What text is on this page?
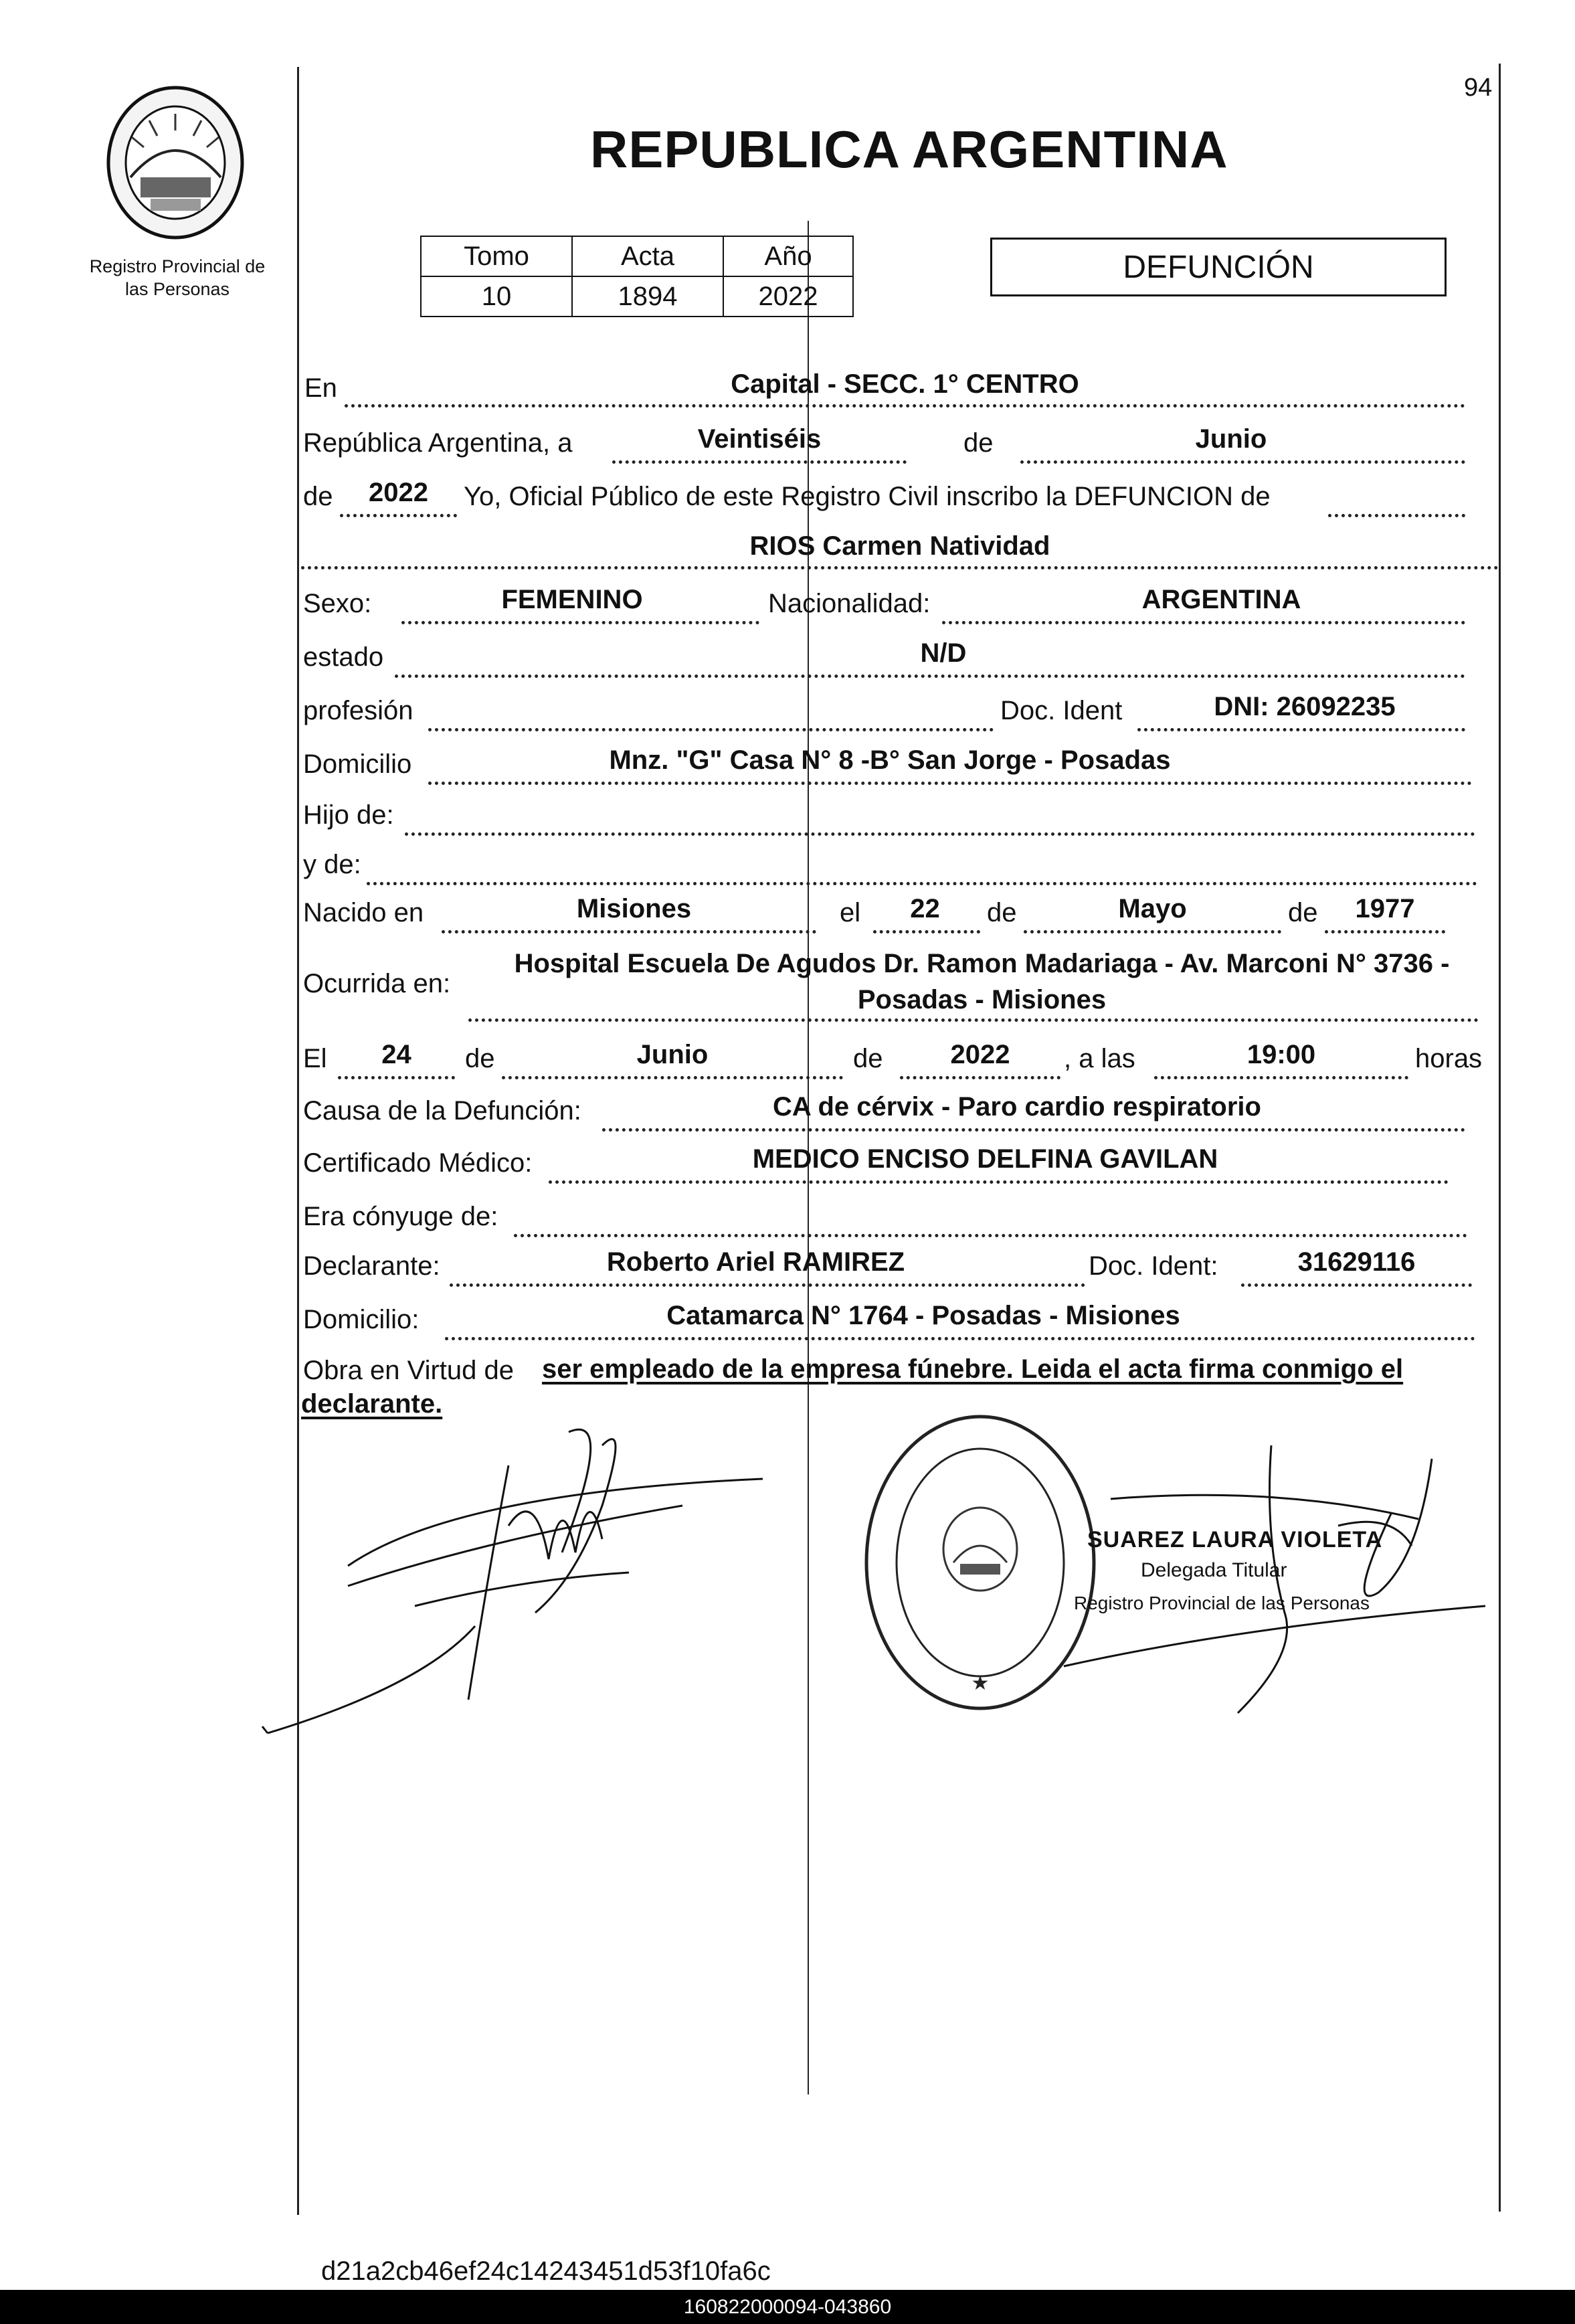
94
Registro Provincial de
las Personas
REPUBLICA ARGENTINA
Tomo	Acta	Año
10	1894	2022
DEFUNCIÓN
En	Capital - SECC. 1° CENTRO
República Argentina, a	Veintiséis	de	Junio
de	2022	Yo, Oficial Público de este Registro Civil inscribo la DEFUNCION de
RIOS Carmen Natividad
Sexo:	FEMENINO	Nacionalidad:	ARGENTINA
estado	N/D
profesión	Doc. Ident	DNI: 26092235
Domicilio	Mnz. "G" Casa N° 8 -B° San Jorge - Posadas
Hijo de:
y de:
Nacido en	Misiones	el	22	de	Mayo	de	1977
Ocurrida en:
Hospital Escuela De Agudos Dr. Ramon Madariaga - Av. Marconi N° 3736 -
Posadas - Misiones
El	24	de	Junio	de	2022	, a las	19:00	horas
Causa de la Defunción:	CA de cérvix - Paro cardio respiratorio
Certificado Médico:	MEDICO ENCISO DELFINA GAVILAN
Era cónyuge de:
Declarante:	Roberto Ariel RAMIREZ	Doc. Ident:	31629116
Domicilio:	Catamarca N° 1764 - Posadas - Misiones
Obra en Virtud de ser empleado de la empresa fúnebre. Leida el acta firma conmigo el
declarante.
★
SUAREZ LAURA VIOLETA
Delegada Titular
Registro Provincial de las Personas
d21a2cb46ef24c14243451d53f10fa6c
160822000094-043860
